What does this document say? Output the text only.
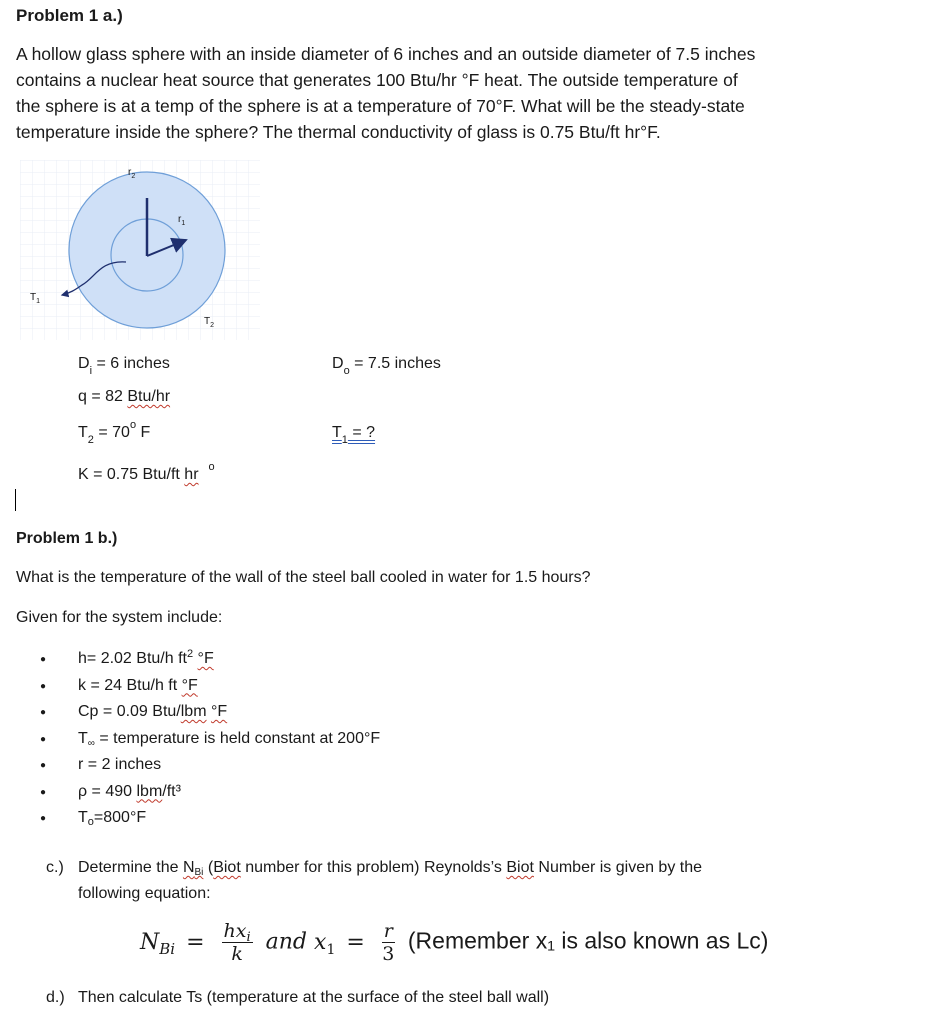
Problem 1 a.)
A hollow glass sphere with an inside diameter of 6 inches and an outside diameter of 7.5 inches
contains a nuclear heat source that generates 100 Btu/hr °F heat. The outside temperature of
the sphere is at a temp of the sphere is at a temperature of 70°F. What will be the steady-state
temperature inside the sphere? The thermal conductivity of glass is 0.75 Btu/ft hr°F.
$r_2$
$r_1$
$T_1$
$T_2$
$D_i = 6$ inches	$D_o = 7.5$ inches
q = 82 Btu/hr
$T_2 = 70^o$ F	$T_1$ = ?
K = 0.75 Btu/ft hr $^o$
Problem 1 b.)
What is the temperature of the wall of the steel ball cooled in water for 1.5 hours?
Given for the system include:
● h= 2.02 Btu/h $ft^2$ °F
● k = 24 Btu/h ft °F
● Cp = 0.09 Btu/lbm °F
● T∞ = temperature is held constant at 200°F
● r = 2 inches
● ρ = 490 lbm/ft³
● To=800°F
c.) Determine the NBi (Biot number for this problem) Reynolds’s Biot Number is given by the
following equation:
$N_{Bi} = \frac{hx_i}{k}$ and $x_1 = \frac{r}{3}$ (Remember x₁ is also known as Lc)
d.) Then calculate Ts (temperature at the surface of the steel ball wall)
